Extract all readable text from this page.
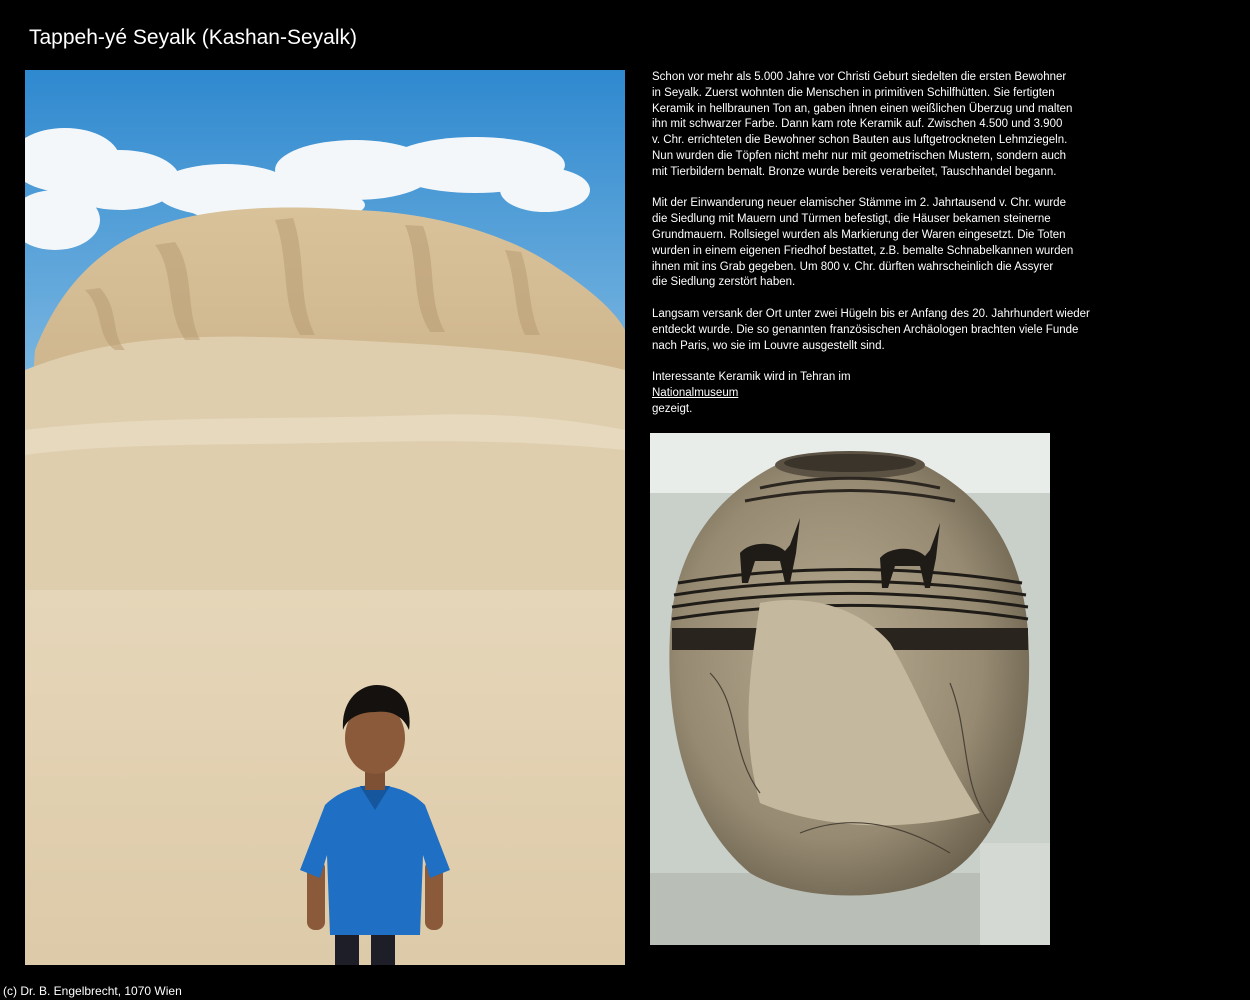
Tappeh-yé Seyalk (Kashan-Seyalk)

Schon vor mehr als 5.000 Jahre vor Christi Geburt siedelten die ersten Bewohner
in Seyalk. Zuerst wohnten die Menschen in primitiven Schilfhütten. Sie fertigten
Keramik in hellbraunen Ton an, gaben ihnen einen weißlichen Überzug und malten
ihn mit schwarzer Farbe. Dann kam rote Keramik auf. Zwischen 4.500 und 3.900
v. Chr. errichteten die Bewohner schon Bauten aus luftgetrockneten Lehmziegeln.
Nun wurden die Töpfen nicht mehr nur mit geometrischen Mustern, sondern auch
mit Tierbildern bemalt. Bronze wurde bereits verarbeitet, Tauschhandel begann.

Mit der Einwanderung neuer elamischer Stämme im 2. Jahrtausend v. Chr. wurde
die Siedlung mit Mauern und Türmen befestigt, die Häuser bekamen steinerne
Grundmauern. Rollsiegel wurden als Markierung der Waren eingesetzt. Die Toten
wurden in einem eigenen Friedhof bestattet, z.B. bemalte Schnabelkannen wurden
ihnen mit ins Grab gegeben. Um 800 v. Chr. dürften wahrscheinlich die Assyrer
die Siedlung zerstört haben.

Langsam versank der Ort unter zwei Hügeln bis er Anfang des 20. Jahrhundert wieder
entdeckt wurde. Die so genannten französischen Archäologen brachten viele Funde
nach Paris, wo sie im Louvre ausgestellt sind.

Interessante Keramik wird in Tehran im
Nationalmuseum
gezeigt.

(c) Dr. B. Engelbrecht, 1070 Wien
